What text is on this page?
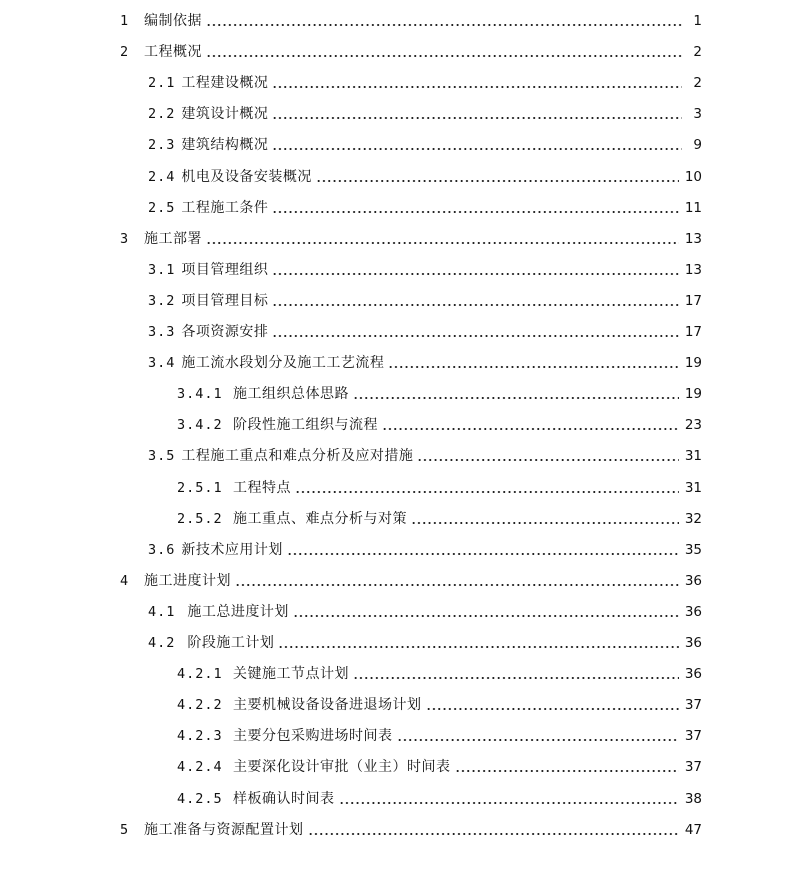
1	编制依据	1
2	工程概况	2
2.1 工程建设概况	2
2.2 建筑设计概况	3
2.3 建筑结构概况	9
2.4 机电及设备安装概况	10
2.5 工程施工条件	11
3	施工部署	13
3.1 项目管理组织	13
3.2 项目管理目标	17
3.3 各项资源安排	17
3.4 施工流水段划分及施工工艺流程	19
3.4.1 施工组织总体思路	19
3.4.2 阶段性施工组织与流程	23
3.5 工程施工重点和难点分析及应对措施	31
2.5.1 工程特点	31
2.5.2 施工重点、难点分析与对策	32
3.6 新技术应用计划	35
4	施工进度计划	36
4.1 施工总进度计划	36
4.2 阶段施工计划	36
4.2.1 关键施工节点计划	36
4.2.2 主要机械设备设备进退场计划	37
4.2.3 主要分包采购进场时间表	37
4.2.4 主要深化设计审批（业主）时间表	37
4.2.5 样板确认时间表	38
5	施工准备与资源配置计划	47
